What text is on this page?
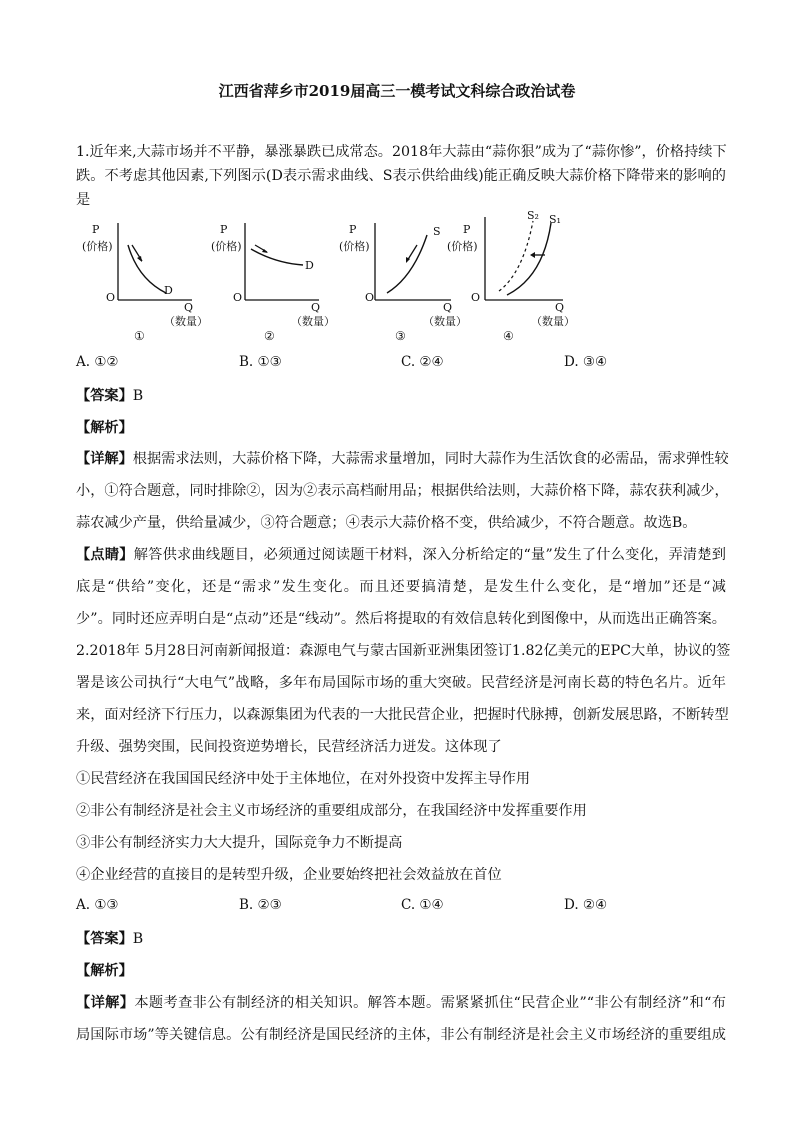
江西省萍乡市2019届高三一模考试文科综合政治试卷
1.近年来,大蒜市场并不平静，暴涨暴跌已成常态。2018年大蒜由“蒜你狠”成为了“蒜你惨”，价格持续下
跌。不考虑其他因素,下列图示(D表示需求曲线、S表示供给曲线)能正确反映大蒜价格下降带来的影响的
是
P
(价格)
O
D
Q
（数量）
①
P
(价格)
O
D
Q
（数量）
②
P
(价格)
O
S
Q
（数量）
③
P
(价格)
O
S₂ S₁
Q
（数量）
④
A. ①②	B. ①③	C. ②④	D. ③④
【答案】B
【解析】
【详解】根据需求法则，大蒜价格下降，大蒜需求量增加，同时大蒜作为生活饮食的必需品，需求弹性较
小，①符合题意，同时排除②，因为②表示高档耐用品；根据供给法则，大蒜价格下降，蒜农获利减少，
蒜农减少产量，供给量减少，③符合题意；④表示大蒜价格不变，供给减少，不符合题意。故选B。
【点睛】解答供求曲线题目，必须通过阅读题干材料，深入分析给定的“量”发生了什么变化，弄清楚到
底是“供给”变化，还是“需求”发生变化。而且还要搞清楚，是发生什么变化，是“增加”还是“减
少”。同时还应弄明白是“点动”还是“线动”。然后将提取的有效信息转化到图像中，从而选出正确答案。
2.2018年 5月28日河南新闻报道：森源电气与蒙古国新亚洲集团签订1.82亿美元的EPC大单，协议的签
署是该公司执行“大电气”战略，多年布局国际市场的重大突破。民营经济是河南长葛的特色名片。近年
来，面对经济下行压力，以森源集团为代表的一大批民营企业，把握时代脉搏，创新发展思路，不断转型
升级、强势突围，民间投资逆势增长，民营经济活力迸发。这体现了
①民营经济在我国国民经济中处于主体地位，在对外投资中发挥主导作用
②非公有制经济是社会主义市场经济的重要组成部分，在我国经济中发挥重要作用
③非公有制经济实力大大提升，国际竞争力不断提高
④企业经营的直接目的是转型升级，企业要始终把社会效益放在首位
A. ①③	B. ②③	C. ①④	D. ②④
【答案】B
【解析】
【详解】本题考查非公有制经济的相关知识。解答本题。需紧紧抓住“民营企业”“非公有制经济”和“布
局国际市场”等关键信息。公有制经济是国民经济的主体，非公有制经济是社会主义市场经济的重要组成
